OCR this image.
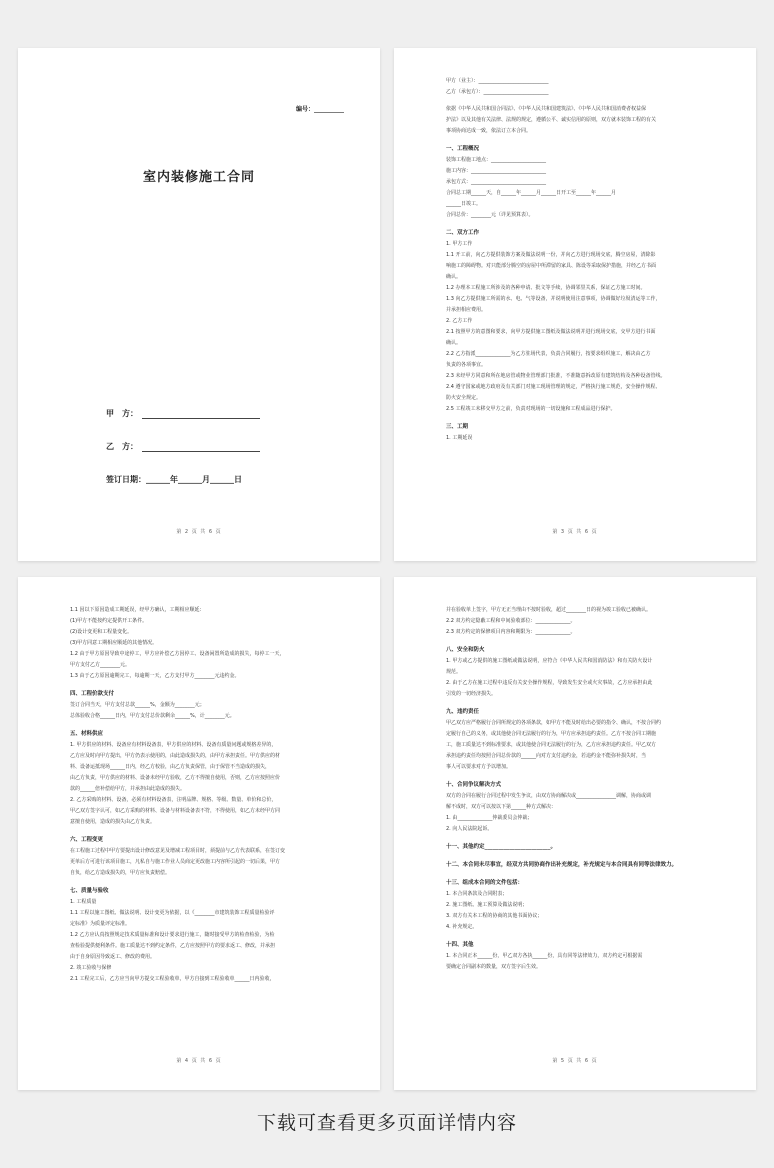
编号：__________
室内装修施工合同
甲　方：
乙　方：
签订日期：______年______月______日
第 2 页 共 6 页
甲方（业主）：____________________________
乙方（承包方）：__________________________
依据《中华人民共和国合同法》、《中华人民共和国建筑法》、《中华人民共和国消费者权益保
护法》以及其他有关法律、法规的规定，遵循公平、诚实信用的原则，双方就本装饰工程的有关
事项协商达成一致，依法订立本合同。
一、工程概况
装饰工程施工地点：______________________
施工内容：______________________________
承包方式：______________________________
合同总工期______天，自______年______月______日开工至______年______月
______日竣工。
合同总价：________元（详见预算表）。
二、双方工作
1. 甲方工作
1.1 开工前，向乙方提供装饰方案及做法说明一份，并向乙方进行现场交底，腾空房屋，清除影
响施工的障碍物。对只能部分腾空的房屋中所滞留的家具、陈设等采取保护措施，并经乙方书面
确认。
1.2 办理本工程施工所涉及的各种申请、批文等手续，协调邻里关系，保证乙方施工时间。
1.3 向乙方提供施工所需的水、电、气等设备，并说明使用注意事项，协调做好垃圾清运等工作，
并承担相应费用。
2. 乙方工作
2.1 按照甲方的意图和要求，向甲方提供施工图纸及做法说明并进行现场交底，交甲方进行书面
确认。
2.2 乙方指派______________为乙方驻场代表，负责合同履行，按要求组织施工，解决由乙方
负责的各项事宜。
2.3 未经甲方同意和所在地房管或物业管理部门批准，不准随意拆改原有建筑结构及各种设备管线。
2.4 遵守国家或地方政府及有关部门对施工现场管理的规定，严格执行施工规范，安全操作规程、
防火安全规定。
2.5 工程竣工未移交甲方之前，负责对现场的一切设施和工程成品进行保护。
三、工期
1. 工期延误
第 3 页 共 6 页
1.1 因以下原因造成工期延误，经甲方确认，工期相应顺延：
(1)甲方不能按约定提供开工条件。
(2)设计变更和工程量变化。
(3)甲方同意工期相应顺延的其他情况。
1.2 由于甲方原因导致中途停工，甲方应补偿乙方因停工、设备闲置所造成的损失，每停工一天，
甲方支付乙方________元。
1.3 由于乙方原因逾期完工，每逾期一天，乙方支付甲方________元违约金。
四、工程价款支付
签订合同当天，甲方支付总款______%，金额为________元；
总体验收合格______日内，甲方支付总价款剩余______%，计________元。
五、材料供应
1. 甲方供应的材料、设备应有材料设备表，甲方供应的材料、设备有质量问题或规格差异的，
乙方应及时向甲方提出，甲方仍表示使用的，由此造成损失的，由甲方承担责任。甲方供应的材
料、设备运抵现场______日内，经乙方校验，由乙方负责保管，由于保管不当造成的损失，
由乙方负责，甲方供应的材料、设备未经甲方验收，乙方不得擅自使用，否则，乙方应按照应价
款的______倍补偿给甲方，并承担由此造成的损失。
2. 乙方采购的材料、设备，必须有材料设备表，注明品牌、规格、等级、数量、单价和总价，
甲乙双方签字认可，如乙方采购的材料、设备与材料设备表不符，不得使用，如乙方未经甲方同
意擅自使用，造成的损失由乙方负责。
六、工程变更
在工程施工过程中甲方要提出设计修改意见及增减工程项目时，须提前与乙方代表联系，在签订变
更单后方可进行该项目施工，凡私自与施工作业人员商定更改施工内容所引起的一切后果，甲方
自负，给乙方造成损失的，甲方应负责赔偿。
七、质量与验收
1. 工程质量
1.1 工程以施工图纸、做法说明、设计变更为依据，以《________市建筑装饰工程质量检验评
定标准》为质量评定标准。
1.2 乙方应认真按照规定技术质量标准和设计要求进行施工，随时接受甲方的检查检验，为检
查检验提供便利条件。施工质量达不到约定条件，乙方应按照甲方的要求返工、修改，并承担
由于自身原因导致返工、修改的费用。
2. 竣工验收与保修
2.1 工程完工后，乙方应当向甲方提交工程验收单，甲方自接到工程验收单______日内验收，
第 4 页 共 6 页
并在验收单上签字，甲方无正当理由不按时验收，超过________日的视为竣工验收已被确认。
2.2 双方约定隐蔽工程和中间验收部位：______________。
2.3 双方约定的保修项目内容和期限为：______________。
八、安全和防火
1. 甲方或乙方提供的施工图纸或做法说明，应符合《中华人民共和国消防法》和有关防火设计
规范。
2. 由于乙方在施工过程中违反有关安全操作规程，导致发生安全或火灾事故，乙方应承担由此
引发的一切经济损失。
九、违约责任
甲乙双方应严格履行合同所规定的各项条款，如甲方不能及时给出必要的指令、确认，不按合同约
定履行自己的义务，或其他使合同无法履行的行为，甲方应承担违约责任。乙方不按合同工期施
工，施工质量达不到标准要求，或其他使合同无法履行的行为，乙方应承担违约责任。甲乙双方
承担违约责任均按照合同总价款的______向对方支付违约金，若违约金不能弥补损失时，当
事人可以要求对方予以增加。
十、合同争议解决方式
双方的合同在履行合同过程中发生争议，由双方协商解决或________________调解，协商或调
解不成时，双方可以按以下第______种方式解决：
1. 由______________仲裁委员会仲裁；
2. 向人民法院起诉。
十一、其他约定________________________。
十二、本合同未尽事宜，经双方共同协商作出补充规定，补充规定与本合同具有同等法律效力。
十三、组成本合同的文件包括：
1. 本合同条款及合同附表；
2. 施工图纸、施工预算及做法说明；
3. 双方有关本工程的协商的其他书面协议；
4. 补充规定。
十四、其他
1. 本合同正本______份，甲乙双方各执______份，具有同等法律效力，双方约定可根据需
要确定合同副本的数量，双方签字后生效。
第 5 页 共 6 页
下载可查看更多页面详情内容
